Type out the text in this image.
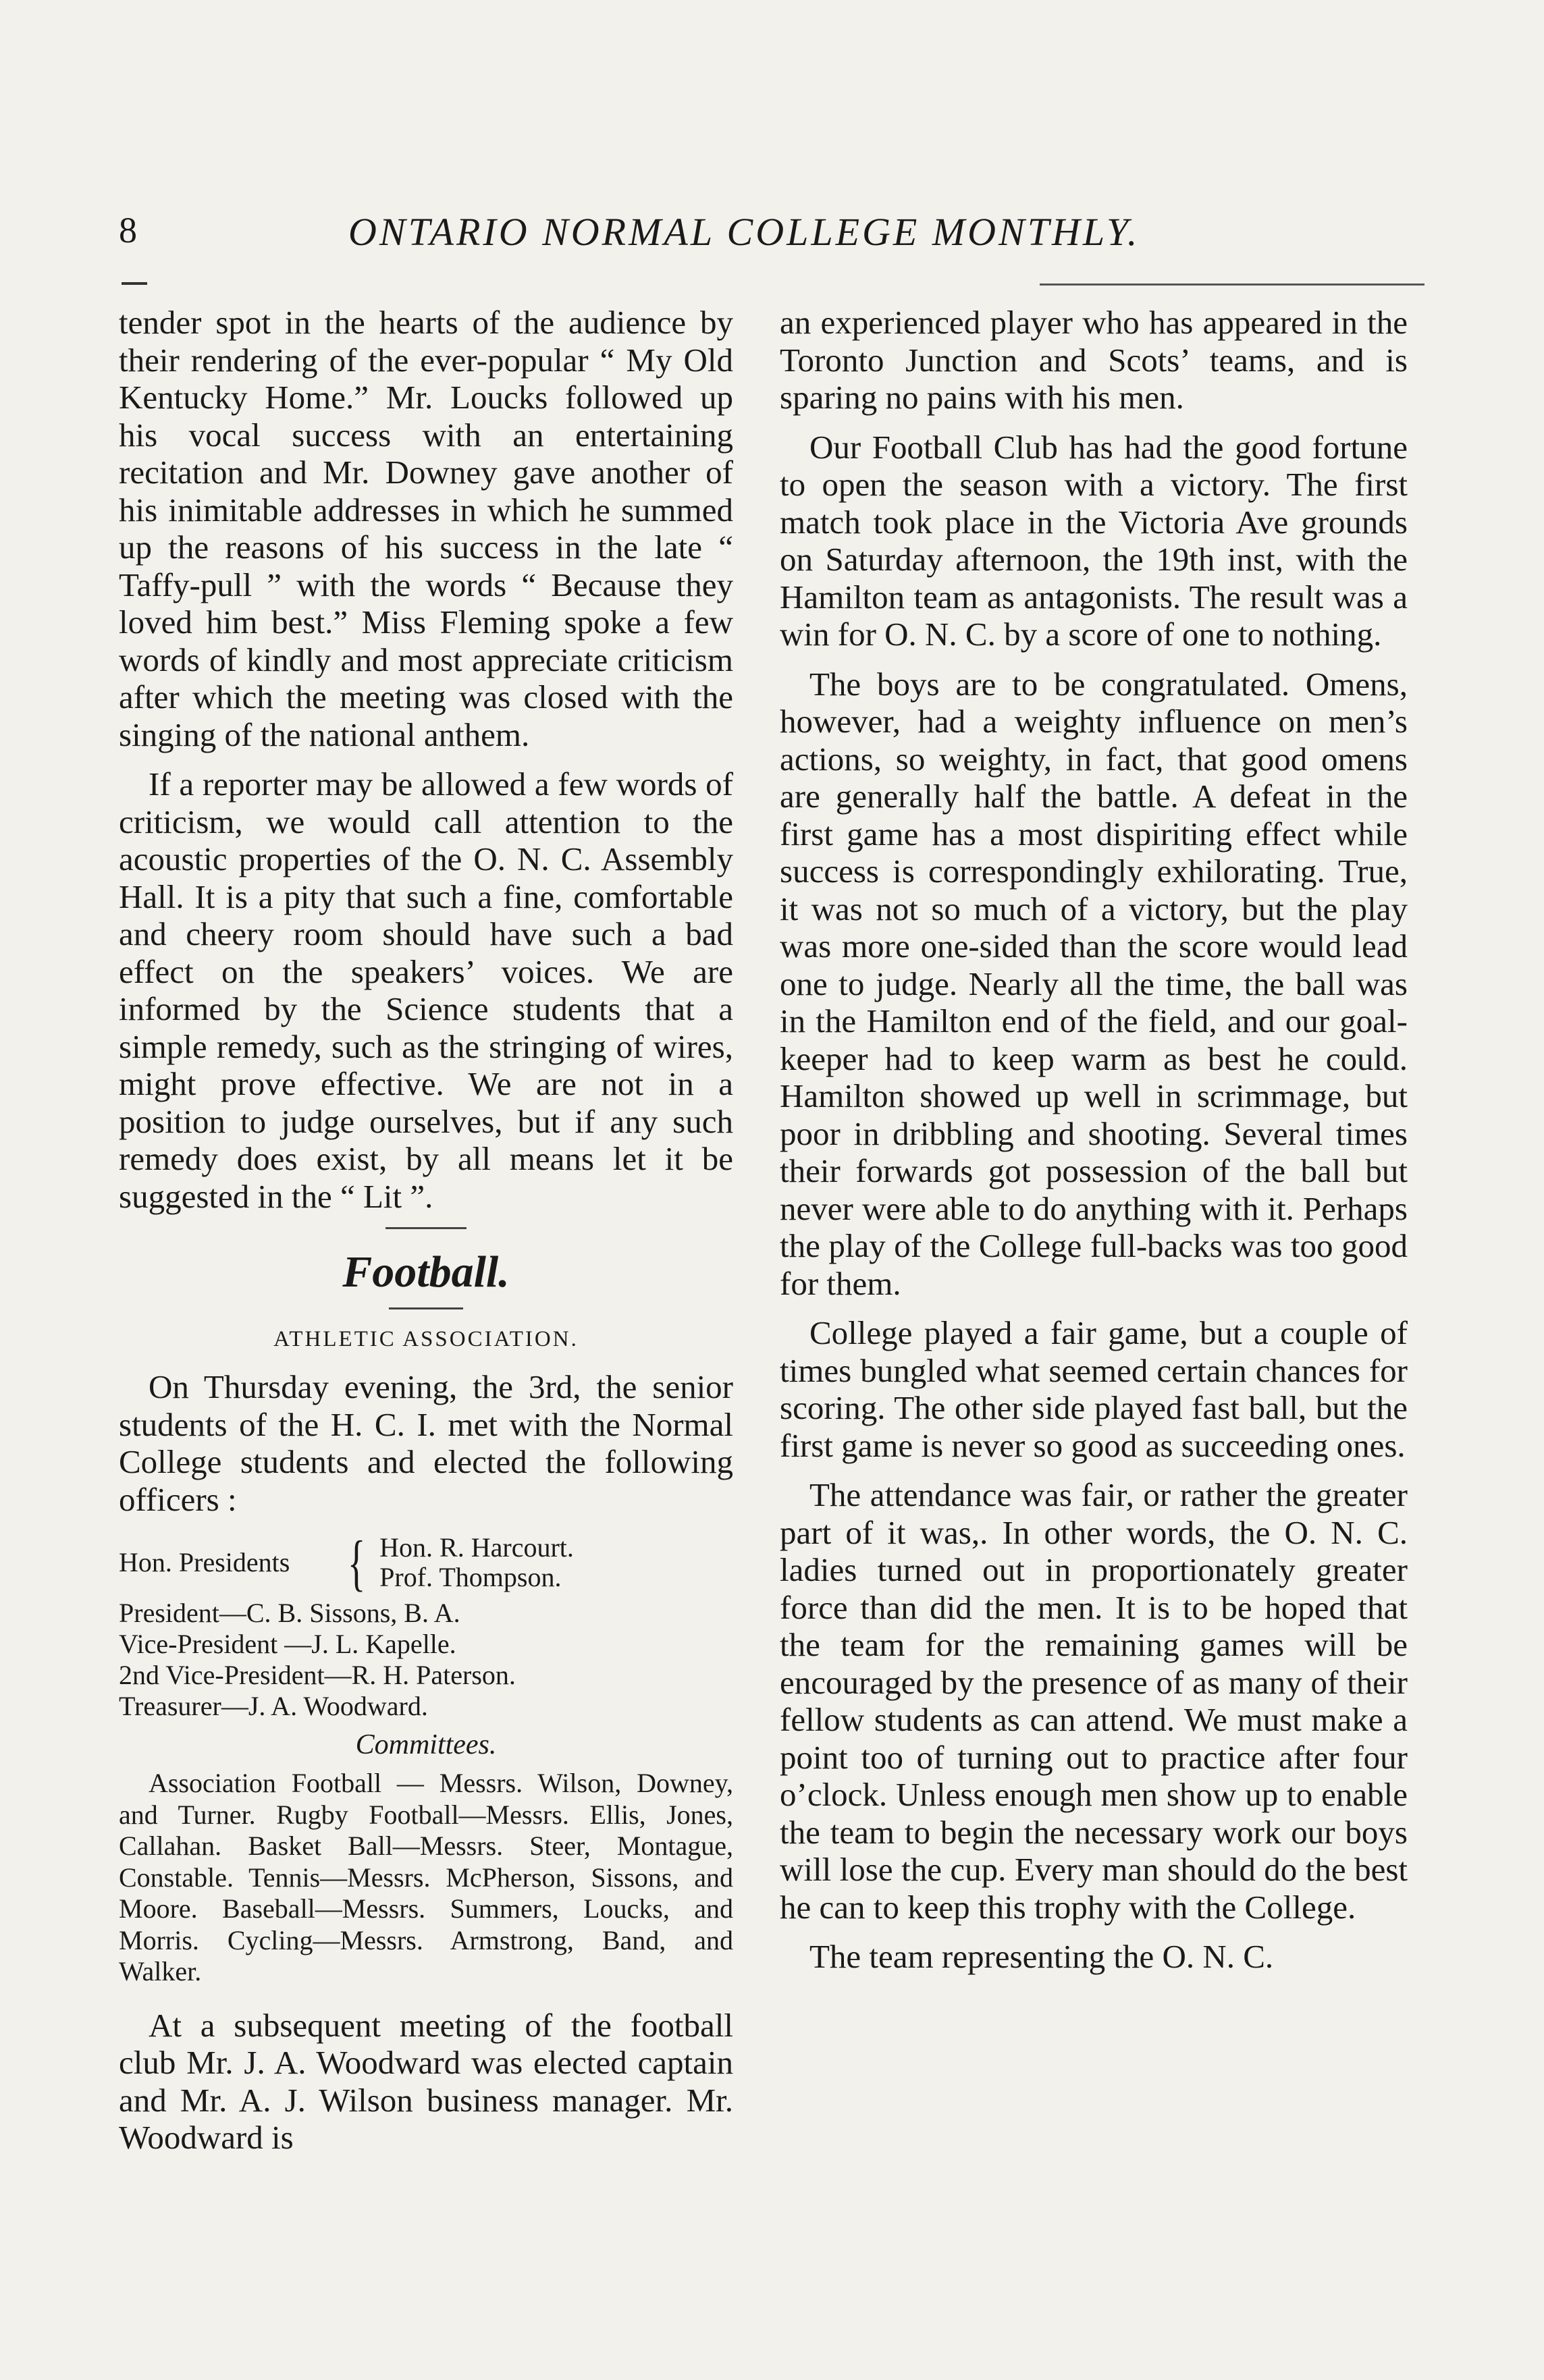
8	ONTARIO NORMAL COLLEGE MONTHLY.

tender spot in the hearts of the audience by their rendering of the ever-popular “ My Old Kentucky Home.” Mr. Loucks followed up his vocal success with an entertaining recitation and Mr. Downey gave another of his inimitable addresses in which he summed up the reasons of his success in the late “ Taffy-pull ” with the words “ Because they loved him best.” Miss Fleming spoke a few words of kindly and most appreciate criticism after which the meeting was closed with the singing of the national anthem.

If a reporter may be allowed a few words of criticism, we would call attention to the acoustic properties of the O. N. C. Assembly Hall. It is a pity that such a fine, comfortable and cheery room should have such a bad effect on the speakers’ voices. We are informed by the Science students that a simple remedy, such as the stringing of wires, might prove effective. We are not in a position to judge ourselves, but if any such remedy does exist, by all means let it be suggested in the “ Lit ”.

Football.
ATHLETIC ASSOCIATION.

On Thursday evening, the 3rd, the senior students of the H. C. I. met with the Normal College students and elected the following officers :

Hon. Presidents { Hon. R. Harcourt.
Prof. Thompson.
President—C. B. Sissons, B. A.
Vice-President —J. L. Kapelle.
2nd Vice-President—R. H. Paterson.
Treasurer—J. A. Woodward.
Committees.
Association Football — Messrs. Wilson, Downey, and Turner. Rugby Football—Messrs. Ellis, Jones, Callahan. Basket Ball—Messrs. Steer, Montague, Constable. Tennis—Messrs. McPherson, Sissons, and Moore. Baseball—Messrs. Summers, Loucks, and Morris. Cycling—Messrs. Armstrong, Band, and Walker.

At a subsequent meeting of the football club Mr. J. A. Woodward was elected captain and Mr. A. J. Wilson business manager. Mr. Woodward is

an experienced player who has appeared in the Toronto Junction and Scots’ teams, and is sparing no pains with his men.

Our Football Club has had the good fortune to open the season with a victory. The first match took place in the Victoria Ave grounds on Saturday afternoon, the 19th inst, with the Hamilton team as antagonists. The result was a win for O. N. C. by a score of one to nothing.

The boys are to be congratulated. Omens, however, had a weighty influence on men’s actions, so weighty, in fact, that good omens are generally half the battle. A defeat in the first game has a most dispiriting effect while success is correspondingly exhilorating. True, it was not so much of a victory, but the play was more one-sided than the score would lead one to judge. Nearly all the time, the ball was in the Hamilton end of the field, and our goal-keeper had to keep warm as best he could. Hamilton showed up well in scrimmage, but poor in dribbling and shooting. Several times their forwards got possession of the ball but never were able to do anything with it. Perhaps the play of the College full-backs was too good for them.

College played a fair game, but a couple of times bungled what seemed certain chances for scoring. The other side played fast ball, but the first game is never so good as succeeding ones.

The attendance was fair, or rather the greater part of it was,. In other words, the O. N. C. ladies turned out in proportionately greater force than did the men. It is to be hoped that the team for the remaining games will be encouraged by the presence of as many of their fellow students as can attend. We must make a point too of turning out to practice after four o’clock. Unless enough men show up to enable the team to begin the necessary work our boys will lose the cup. Every man should do the best he can to keep this trophy with the College.

The team representing the O. N. C.
